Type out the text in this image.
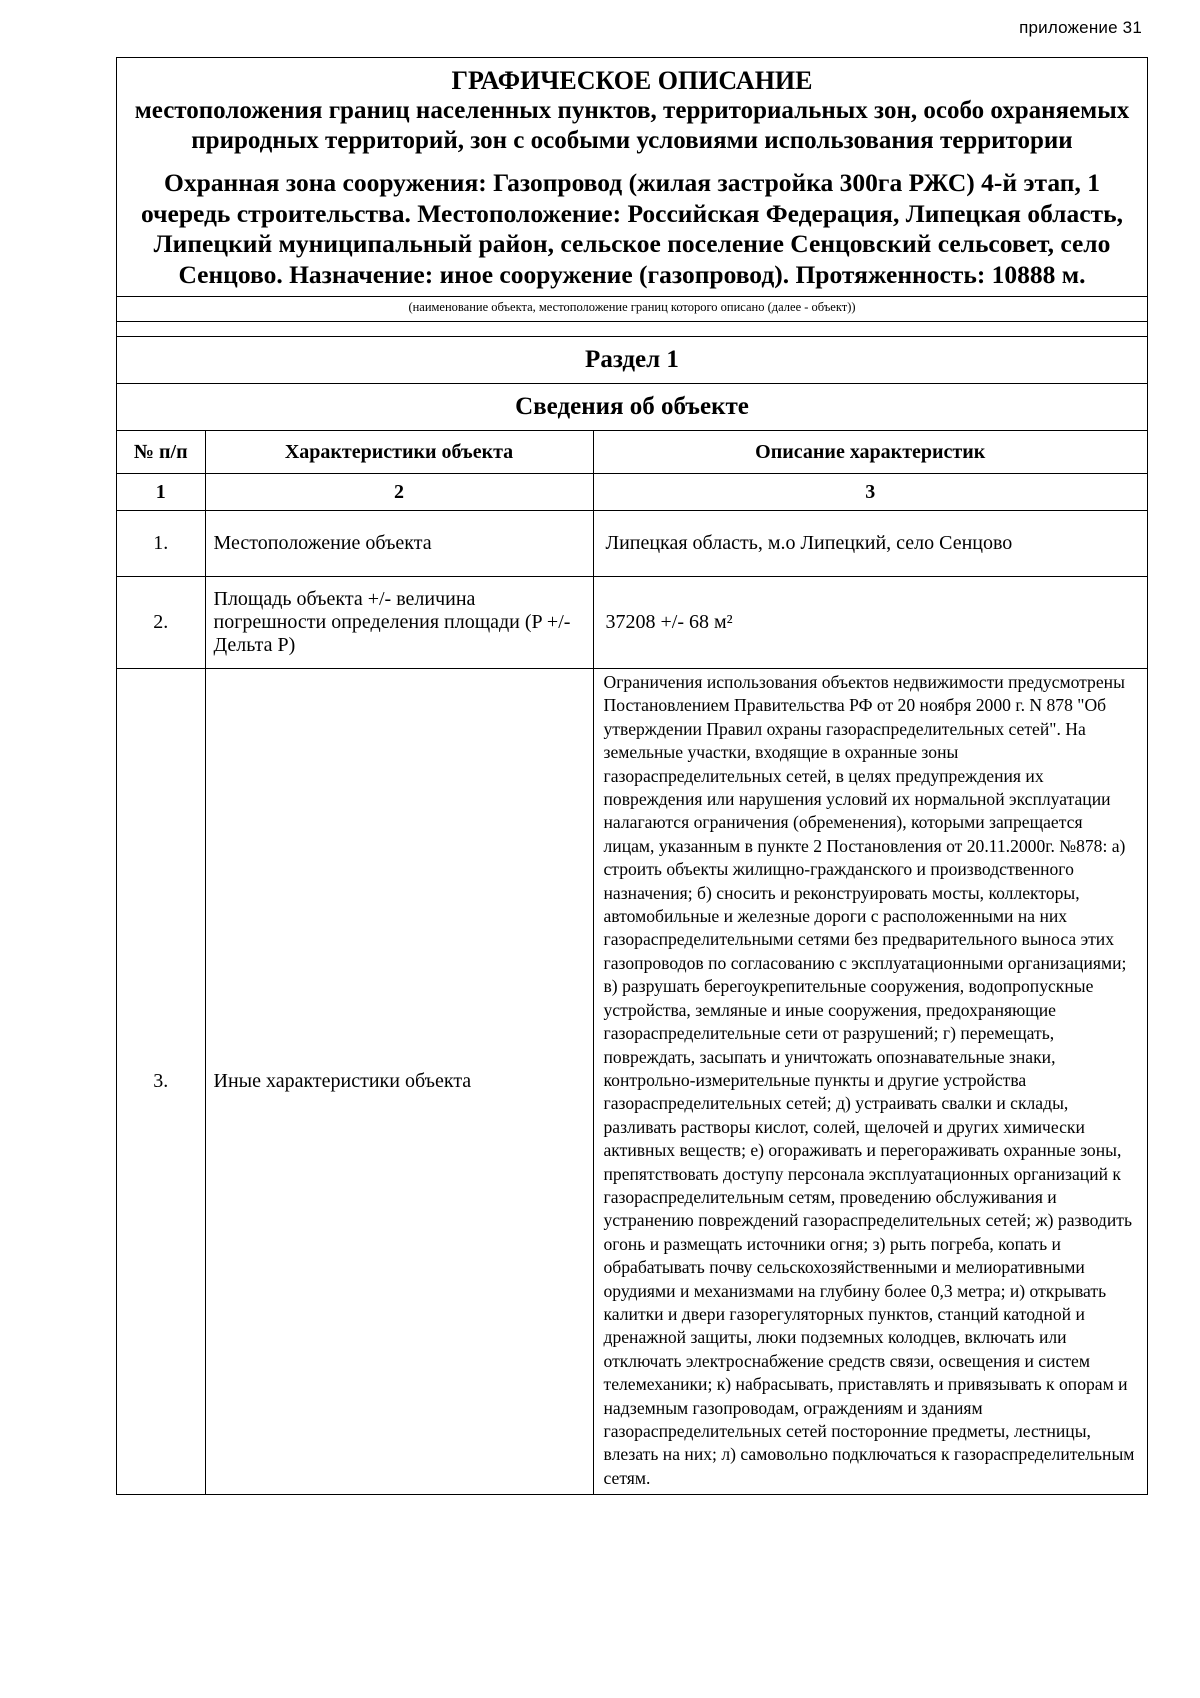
приложение 31

ГРАФИЧЕСКОЕ ОПИСАНИЕ

местоположения границ населенных пунктов, территориальных зон, особо охраняемых природных территорий, зон с особыми условиями использования территории

Охранная зона сооружения: Газопровод (жилая застройка 300га РЖС) 4-й этап, 1 очередь строительства. Местоположение: Российская Федерация, Липецкая область, Липецкий муниципальный район, сельское поселение Сенцовский сельсовет, село Сенцово. Назначение: иное сооружение (газопровод). Протяженность: 10888 м.

(наименование объекта, местоположение границ которого описано (далее - объект))
Раздел 1
Сведения об объекте
№ п/п	Характеристики объекта	Описание характеристик
1	2	3
1.	Местоположение объекта	Липецкая область, м.о Липецкий, село Сенцово
2.	Площадь объекта +/- величина погрешности определения площади (P +/- Дельта P)	37208 +/- 68 м²
3.	Иные характеристики объекта	Ограничения использования объектов недвижимости предусмотрены Постановлением Правительства РФ от 20 ноября 2000 г. N 878 "Об утверждении Правил охраны газораспределительных сетей". На земельные участки, входящие в охранные зоны газораспределительных сетей, в целях предупреждения их повреждения или нарушения условий их нормальной эксплуатации налагаются ограничения (обременения), которыми запрещается лицам, указанным в пункте 2 Постановления от 20.11.2000г. №878: а) строить объекты жилищно-гражданского и производственного назначения; б) сносить и реконструировать мосты, коллекторы, автомобильные и железные дороги с расположенными на них газораспределительными сетями без предварительного выноса этих газопроводов по согласованию с эксплуатационными организациями; в) разрушать берегоукрепительные сооружения, водопропускные устройства, земляные и иные сооружения, предохраняющие газораспределительные сети от разрушений; г) перемещать, повреждать, засыпать и уничтожать опознавательные знаки, контрольно-измерительные пункты и другие устройства газораспределительных сетей; д) устраивать свалки и склады, разливать растворы кислот, солей, щелочей и других химически активных веществ; е) огораживать и перегораживать охранные зоны, препятствовать доступу персонала эксплуатационных организаций к газораспределительным сетям, проведению обслуживания и устранению повреждений газораспределительных сетей; ж) разводить огонь и размещать источники огня; з) рыть погреба, копать и обрабатывать почву сельскохозяйственными и мелиоративными орудиями и механизмами на глубину более 0,3 метра; и) открывать калитки и двери газорегуляторных пунктов, станций катодной и дренажной защиты, люки подземных колодцев, включать или отключать электроснабжение средств связи, освещения и систем телемеханики; к) набрасывать, приставлять и привязывать к опорам и надземным газопроводам, ограждениям и зданиям газораспределительных сетей посторонние предметы, лестницы, влезать на них; л) самовольно подключаться к газораспределительным сетям.
